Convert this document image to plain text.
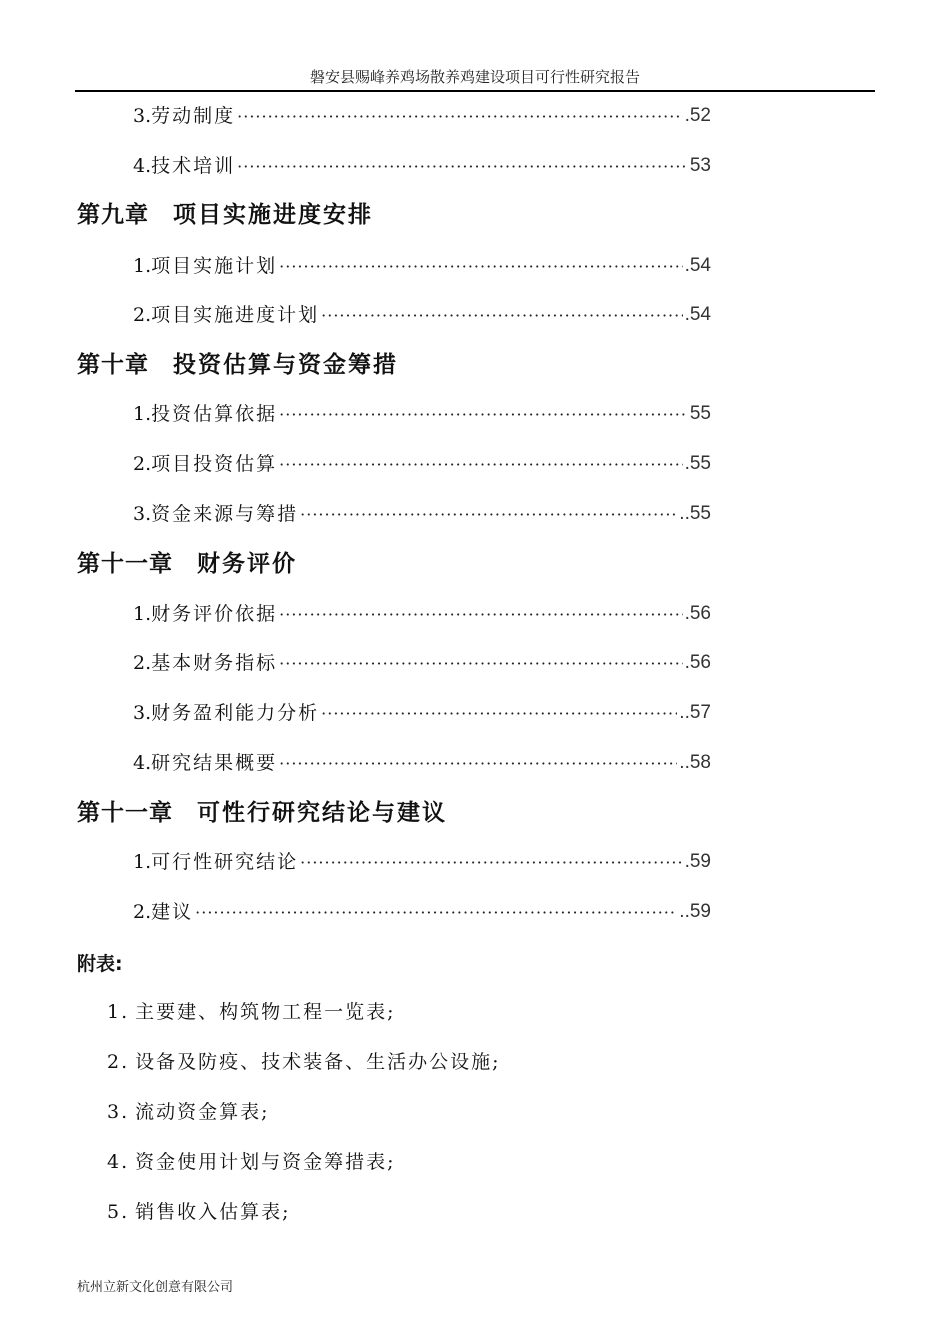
磐安县赐峰养鸡场散养鸡建设项目可行性研究报告
3. 劳动制度 ·····	.52
4. 技术培训 ·····	53
第九章 项目实施进度安排
1. 项目实施计划 ·····	.54
2. 项目实施进度计划 ·····	.54
第十章 投资估算与资金筹措
1. 投资估算依据 ·····	55
2. 项目投资估算 ·····	.55
3. 资金来源与筹措 ·····	..55
第十一章 财务评价
1. 财务评价依据 ·····	.56
2. 基本财务指标 ·····	.56
3. 财务盈利能力分析 ·····	..57
4. 研究结果概要 ·····	..58
第十一章 可性行研究结论与建议
1. 可行性研究结论 ·····	.59
2. 建议 ·····	..59
附表:
1. 主要建、构筑物工程一览表;
2. 设备及防疫、技术装备、生活办公设施;
3. 流动资金算表;
4. 资金使用计划与资金筹措表;
5. 销售收入估算表;
杭州立新文化创意有限公司
